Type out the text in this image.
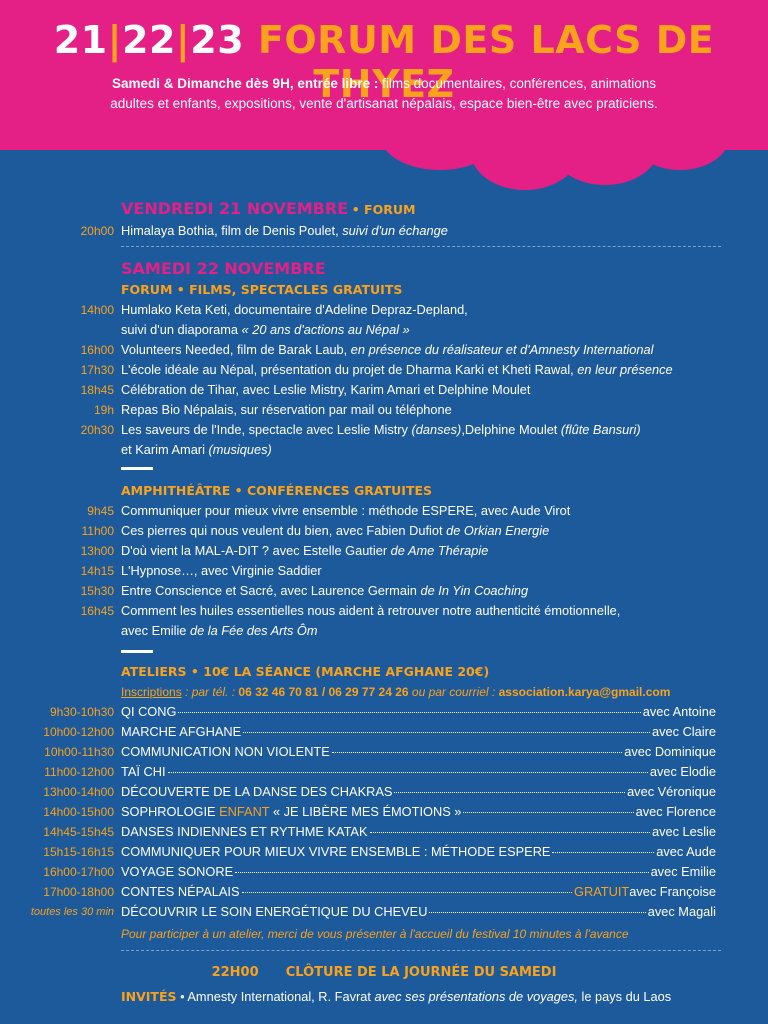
21|22|23 FORUM DES LACS DE THYEZ
Samedi & Dimanche dès 9H, entrée libre : films documentaires, conférences, animations
adultes et enfants, expositions, vente d'artisanat népalais, espace bien-être avec praticiens.
VENDREDI 21 NOVEMBRE • FORUM
20h00 Himalaya Bothia, film de Denis Poulet, suivi d'un échange
SAMEDI 22 NOVEMBRE
FORUM • FILMS, SPECTACLES GRATUITS
14h00 Humlako Keta Keti, documentaire d'Adeline Depraz-Depland,
suivi d'un diaporama « 20 ans d'actions au Népal »
16h00 Volunteers Needed, film de Barak Laub, en présence du réalisateur et d'Amnesty International
17h30 L'école idéale au Népal, présentation du projet de Dharma Karki et Kheti Rawal, en leur présence
18h45 Célébration de Tihar, avec Leslie Mistry, Karim Amari et Delphine Moulet
19h Repas Bio Népalais, sur réservation par mail ou téléphone
20h30 Les saveurs de l'Inde, spectacle avec Leslie Mistry (danses),Delphine Moulet (flûte Bansuri)
et Karim Amari (musiques)
AMPHITHÉÂTRE • CONFÉRENCES GRATUITES
9h45 Communiquer pour mieux vivre ensemble : méthode ESPERE, avec Aude Virot
11h00 Ces pierres qui nous veulent du bien, avec Fabien Dufiot de Orkian Energie
13h00 D'où vient la MAL-A-DIT ? avec Estelle Gautier de Ame Thérapie
14h15 L'Hypnose…, avec Virginie Saddier
15h30 Entre Conscience et Sacré, avec Laurence Germain de In Yin Coaching
16h45 Comment les huiles essentielles nous aident à retrouver notre authenticité émotionnelle,
avec Emilie de la Fée des Arts Ôm
ATELIERS • 10€ LA SÉANCE (MARCHE AFGHANE 20€)
Inscriptions : par tél. : 06 32 46 70 81 / 06 29 77 24 26 ou par courriel : association.karya@gmail.com
9h30-10h30 QI CONG	avec Antoine
10h00-12h00 MARCHE AFGHANE	avec Claire
10h00-11h30 COMMUNICATION NON VIOLENTE	avec Dominique
11h00-12h00 TAÏ CHI	avec Elodie
13h00-14h00 DÉCOUVERTE DE LA DANSE DES CHAKRAS	avec Véronique
14h00-15h00 SOPHROLOGIE ENFANT « JE LIBÈRE MES ÉMOTIONS »	avec Florence
14h45-15h45 DANSES INDIENNES ET RYTHME KATAK	avec Leslie
15h15-16h15 COMMUNIQUER POUR MIEUX VIVRE ENSEMBLE : MÉTHODE ESPERE	avec Aude
16h00-17h00 VOYAGE SONORE	avec Emilie
17h00-18h00 CONTES NÉPALAIS	GRATUIT avec Françoise
toutes les 30 min DÉCOUVRIR LE SOIN ENERGÉTIQUE DU CHEVEU	avec Magali
Pour participer à un atelier, merci de vous présenter à l'accueil du festival 10 minutes à l'avance
22H00 CLÔTURE DE LA JOURNÉE DU SAMEDI
INVITÉS • Amnesty International, R. Favrat avec ses présentations de voyages, le pays du Laos
